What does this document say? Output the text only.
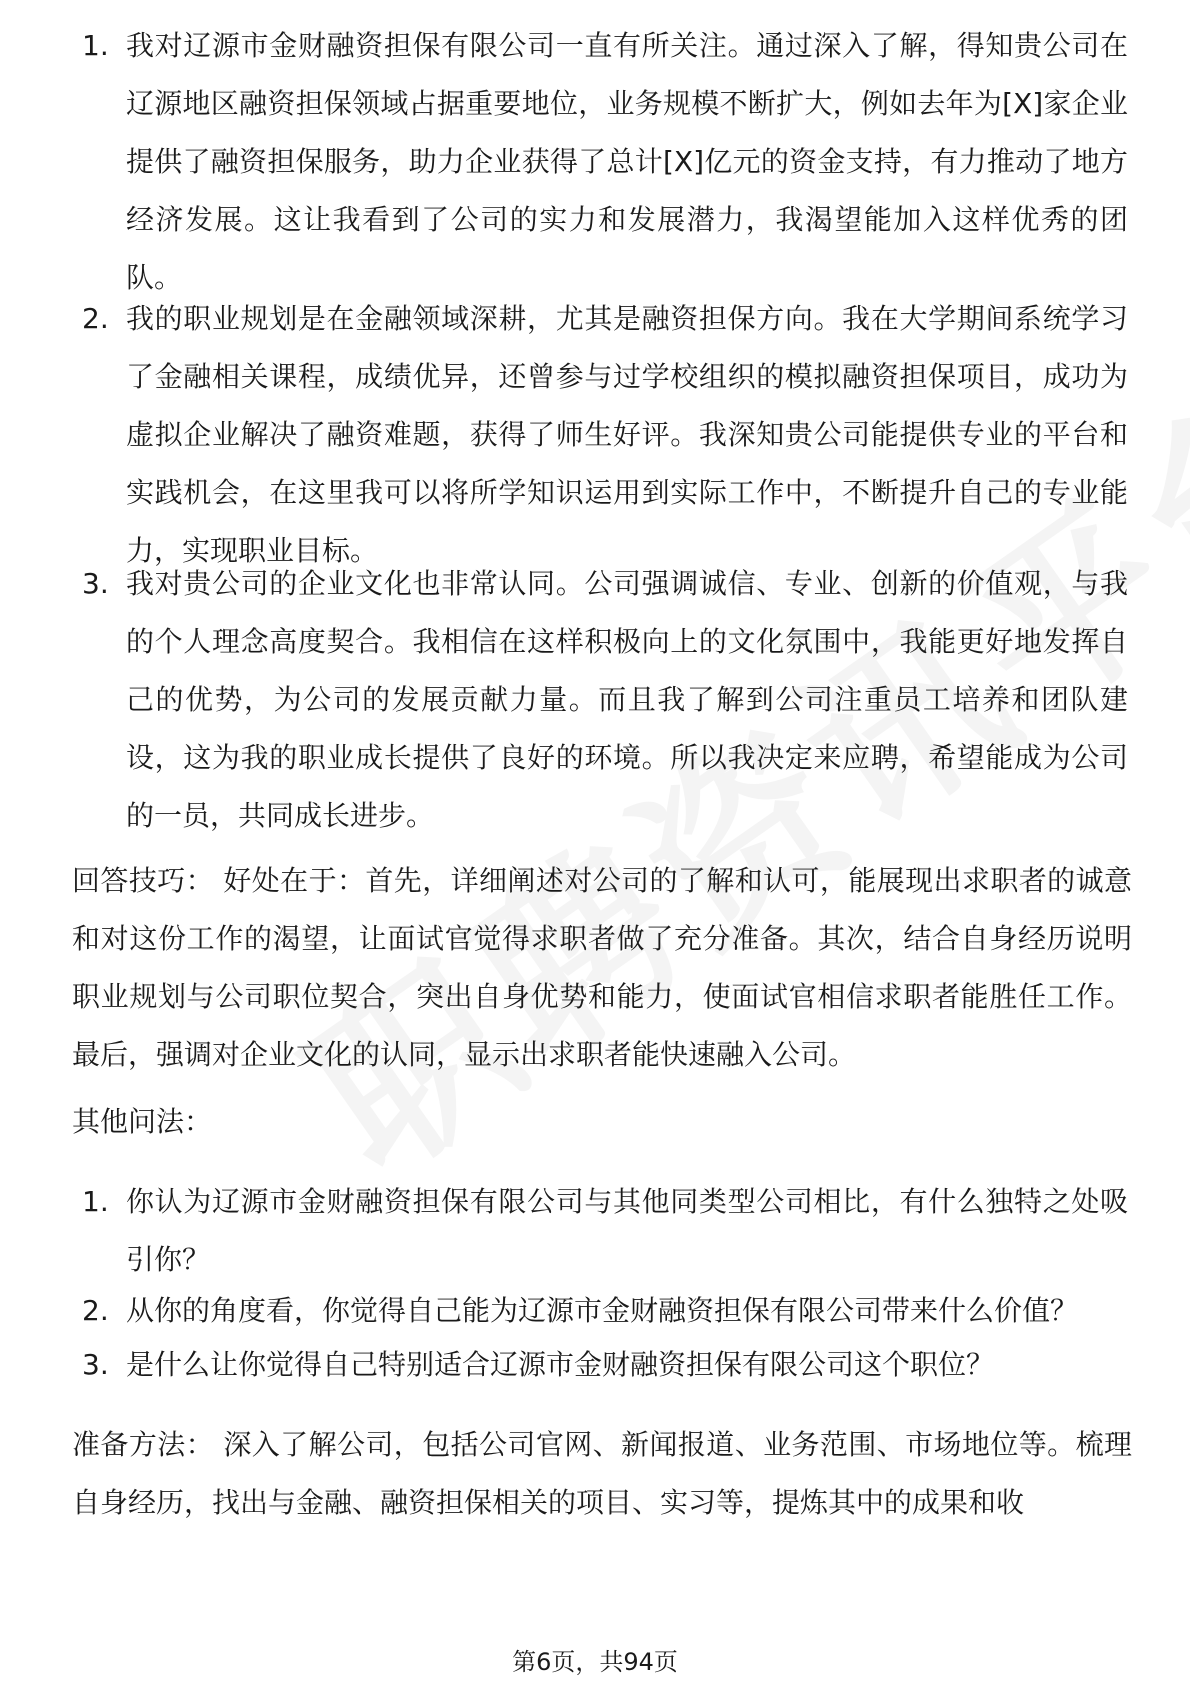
1. 我对辽源市金财融资担保有限公司一直有所关注。通过深入了解，得知贵公司在辽源地区融资担保领域占据重要地位，业务规模不断扩大，例如去年为[X]家企业提供了融资担保服务，助力企业获得了总计[X]亿元的资金支持，有力推动了地方经济发展。这让我看到了公司的实力和发展潜力，我渴望能加入这样优秀的团队。
2. 我的职业规划是在金融领域深耕，尤其是融资担保方向。我在大学期间系统学习了金融相关课程，成绩优异，还曾参与过学校组织的模拟融资担保项目，成功为虚拟企业解决了融资难题，获得了师生好评。我深知贵公司能提供专业的平台和实践机会，在这里我可以将所学知识运用到实际工作中，不断提升自己的专业能力，实现职业目标。
3. 我对贵公司的企业文化也非常认同。公司强调诚信、专业、创新的价值观，与我的个人理念高度契合。我相信在这样积极向上的文化氛围中，我能更好地发挥自己的优势，为公司的发展贡献力量。而且我了解到公司注重员工培养和团队建设，这为我的职业成长提供了良好的环境。所以我决定来应聘，希望能成为公司的一员，共同成长进步。

回答技巧： 好处在于：首先，详细阐述对公司的了解和认可，能展现出求职者的诚意和对这份工作的渴望，让面试官觉得求职者做了充分准备。其次，结合自身经历说明职业规划与公司职位契合，突出自身优势和能力，使面试官相信求职者能胜任工作。最后，强调对企业文化的认同，显示出求职者能快速融入公司。

其他问法：

1. 你认为辽源市金财融资担保有限公司与其他同类型公司相比，有什么独特之处吸引你？
2. 从你的角度看，你觉得自己能为辽源市金财融资担保有限公司带来什么价值？
3. 是什么让你觉得自己特别适合辽源市金财融资担保有限公司这个职位？

准备方法： 深入了解公司，包括公司官网、新闻报道、业务范围、市场地位等。梳理自身经历，找出与金融、融资担保相关的项目、实习等，提炼其中的成果和收

第6页，共94页
